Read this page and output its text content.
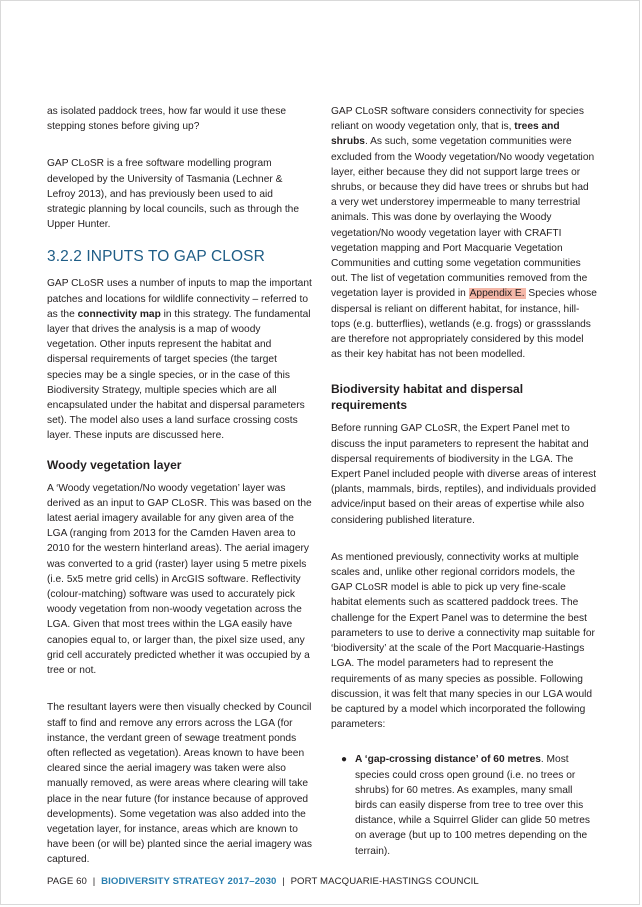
as isolated paddock trees, how far would it use these stepping stones before giving up?

GAP CLoSR is a free software modelling program developed by the University of Tasmania (Lechner & Lefroy 2013), and has previously been used to aid strategic planning by local councils, such as through the Upper Hunter.

3.2.2 INPUTS TO GAP CLOSR

GAP CLoSR uses a number of inputs to map the important patches and locations for wildlife connectivity – referred to as the connectivity map in this strategy. The fundamental layer that drives the analysis is a map of woody vegetation. Other inputs represent the habitat and dispersal requirements of target species (the target species may be a single species, or in the case of this Biodiversity Strategy, multiple species which are all encapsulated under the habitat and dispersal parameters set). The model also uses a land surface crossing costs layer. These inputs are discussed here.

Woody vegetation layer

A ‘Woody vegetation/No woody vegetation’ layer was derived as an input to GAP CLoSR. This was based on the latest aerial imagery available for any given area of the LGA (ranging from 2013 for the Camden Haven area to 2010 for the western hinterland areas). The aerial imagery was converted to a grid (raster) layer using 5 metre pixels (i.e. 5x5 metre grid cells) in ArcGIS software. Reflectivity (colour-matching) software was used to accurately pick woody vegetation from non-woody vegetation across the LGA. Given that most trees within the LGA easily have canopies equal to, or larger than, the pixel size used, any grid cell accurately predicted whether it was occupied by a tree or not.

The resultant layers were then visually checked by Council staff to find and remove any errors across the LGA (for instance, the verdant green of sewage treatment ponds often reflected as vegetation). Areas known to have been cleared since the aerial imagery was taken were also manually removed, as were areas where clearing will take place in the near future (for instance because of approved developments). Some vegetation was also added into the vegetation layer, for instance, areas which are known to have been (or will be) planted since the aerial imagery was captured.

GAP CLoSR software considers connectivity for species reliant on woody vegetation only, that is, trees and shrubs. As such, some vegetation communities were excluded from the Woody vegetation/No woody vegetation layer, either because they did not support large trees or shrubs, or because they did have trees or shrubs but had a very wet understorey impermeable to many terrestrial animals. This was done by overlaying the Woody vegetation/No woody vegetation layer with CRAFTI vegetation mapping and Port Macquarie Vegetation Communities and cutting some vegetation communities out. The list of vegetation communities removed from the vegetation layer is provided in Appendix E. Species whose dispersal is reliant on different habitat, for instance, hill-tops (e.g. butterflies), wetlands (e.g. frogs) or grassslands are therefore not appropriately considered by this model as their key habitat has not been modelled.

Biodiversity habitat and dispersal requirements

Before running GAP CLoSR, the Expert Panel met to discuss the input parameters to represent the habitat and dispersal requirements of biodiversity in the LGA. The Expert Panel included people with diverse areas of interest (plants, mammals, birds, reptiles), and individuals provided advice/input based on their areas of expertise while also considering published literature.

As mentioned previously, connectivity works at multiple scales and, unlike other regional corridors models, the GAP CLoSR model is able to pick up very fine-scale habitat elements such as scattered paddock trees. The challenge for the Expert Panel was to determine the best parameters to use to derive a connectivity map suitable for ‘biodiversity’ at the scale of the Port Macquarie-Hastings LGA. The model parameters had to represent the requirements of as many species as possible. Following discussion, it was felt that many species in our LGA would be captured by a model which incorporated the following parameters:

● A ‘gap-crossing distance’ of 60 metres. Most species could cross open ground (i.e. no trees or shrubs) for 60 metres. As examples, many small birds can easily disperse from tree to tree over this distance, while a Squirrel Glider can glide 50 metres on average (but up to 100 metres depending on the terrain).
PAGE 60 | BIODIVERSITY STRATEGY 2017–2030 | PORT MACQUARIE-HASTINGS COUNCIL
